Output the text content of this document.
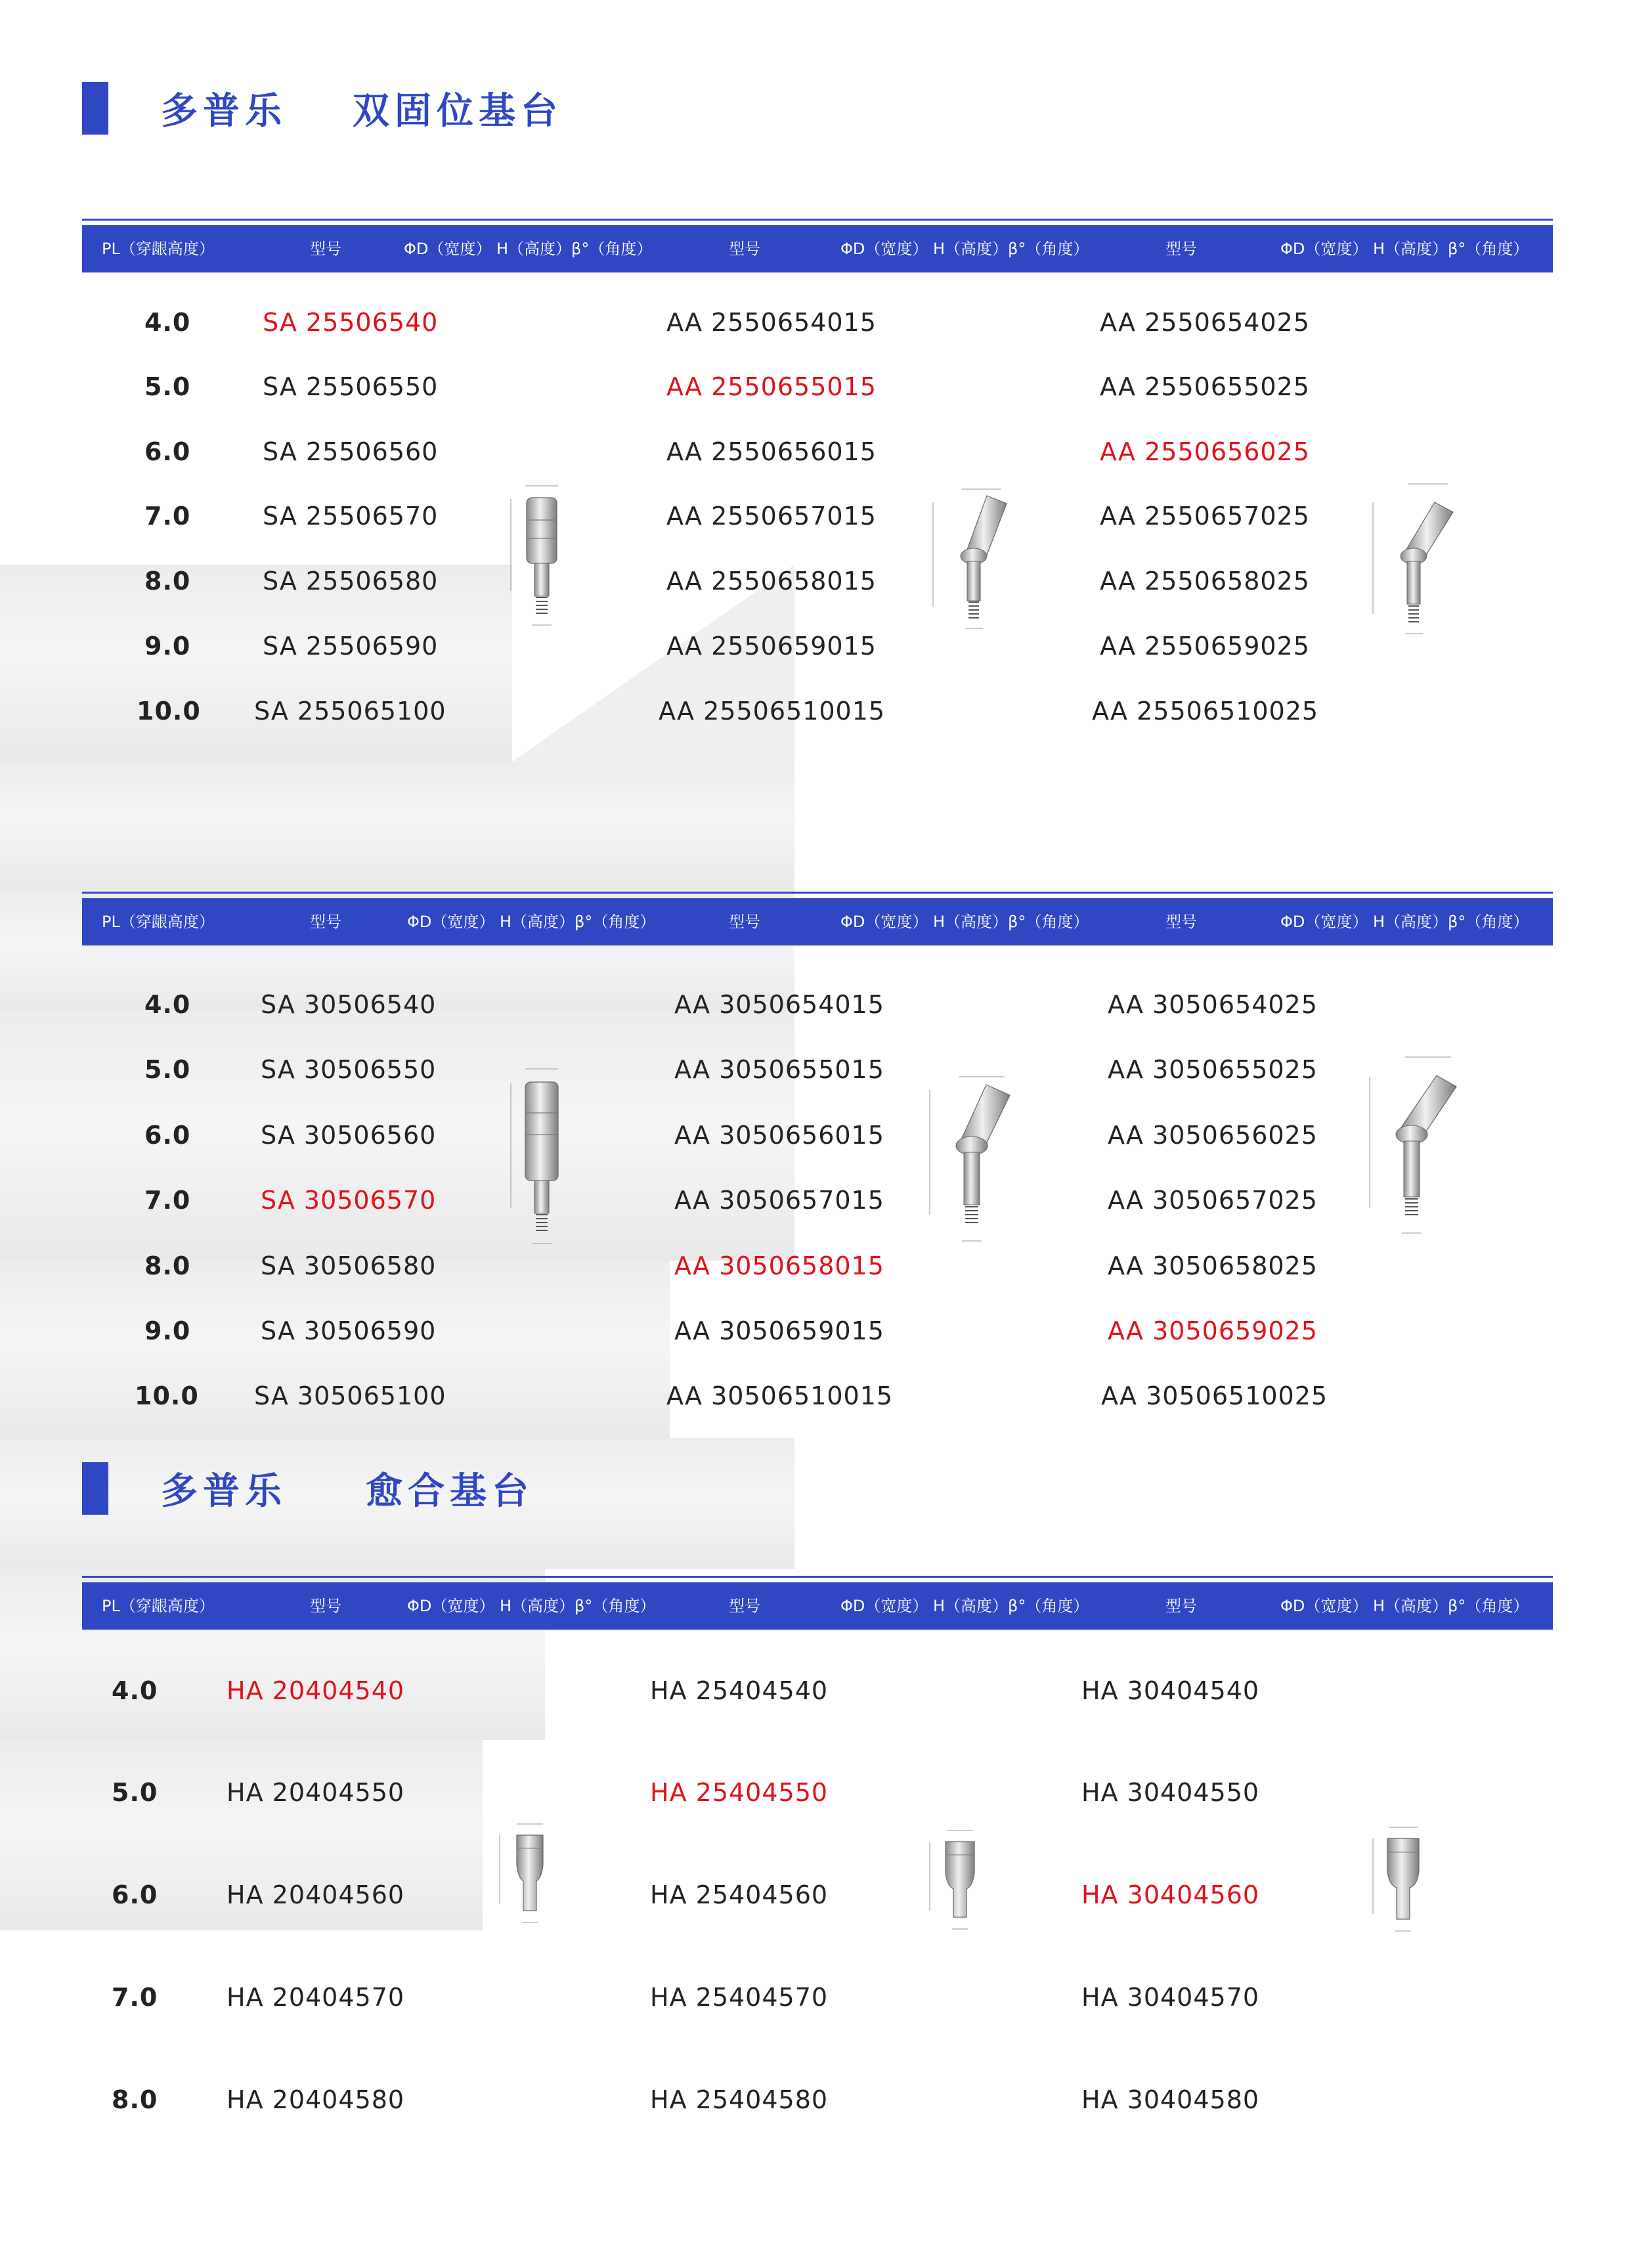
多普乐 双固位基台
PL（穿龈高度）	型号	ΦD（宽度） H（高度）β°（角度）	型号	ΦD（宽度） H（高度）β°（角度）	型号	ΦD（宽度） H（高度）β°（角度）
4.0	SA 25506540	AA 2550654015	AA 2550654025
5.0	SA 25506550	AA 2550655015	AA 2550655025
6.0	SA 25506560	AA 2550656015	AA 2550656025
7.0	SA 25506570	AA 2550657015	AA 2550657025
8.0	SA 25506580	AA 2550658015	AA 2550658025
9.0	SA 25506590	AA 2550659015	AA 2550659025
10.0 SA 255065100	AA 25506510015	AA 25506510025
PL（穿龈高度）	型号	ΦD（宽度） H（高度）β°（角度）	型号	ΦD（宽度） H（高度）β°（角度）	型号	ΦD（宽度） H（高度）β°（角度）
4.0	SA 30506540	AA 3050654015	AA 3050654025
5.0	SA 30506550	AA 3050655015	AA 3050655025
6.0	SA 30506560	AA 3050656015	AA 3050656025
7.0	SA 30506570	AA 3050657015	AA 3050657025
8.0	SA 30506580	AA 3050658015	AA 3050658025
9.0	SA 30506590	AA 3050659015	AA 3050659025
10.0 SA 305065100	AA 30506510015	AA 30506510025
多普乐 愈合基台
PL（穿龈高度）	型号	ΦD（宽度） H（高度）β°（角度）	型号	ΦD（宽度） H（高度）β°（角度）	型号	ΦD（宽度） H（高度）β°（角度）
4.0	HA 20404540	HA 25404540	HA 30404540
5.0	HA 20404550	HA 25404550	HA 30404550
6.0	HA 20404560	HA 25404560	HA 30404560
7.0	HA 20404570	HA 25404570	HA 30404570
8.0	HA 20404580	HA 25404580	HA 30404580
